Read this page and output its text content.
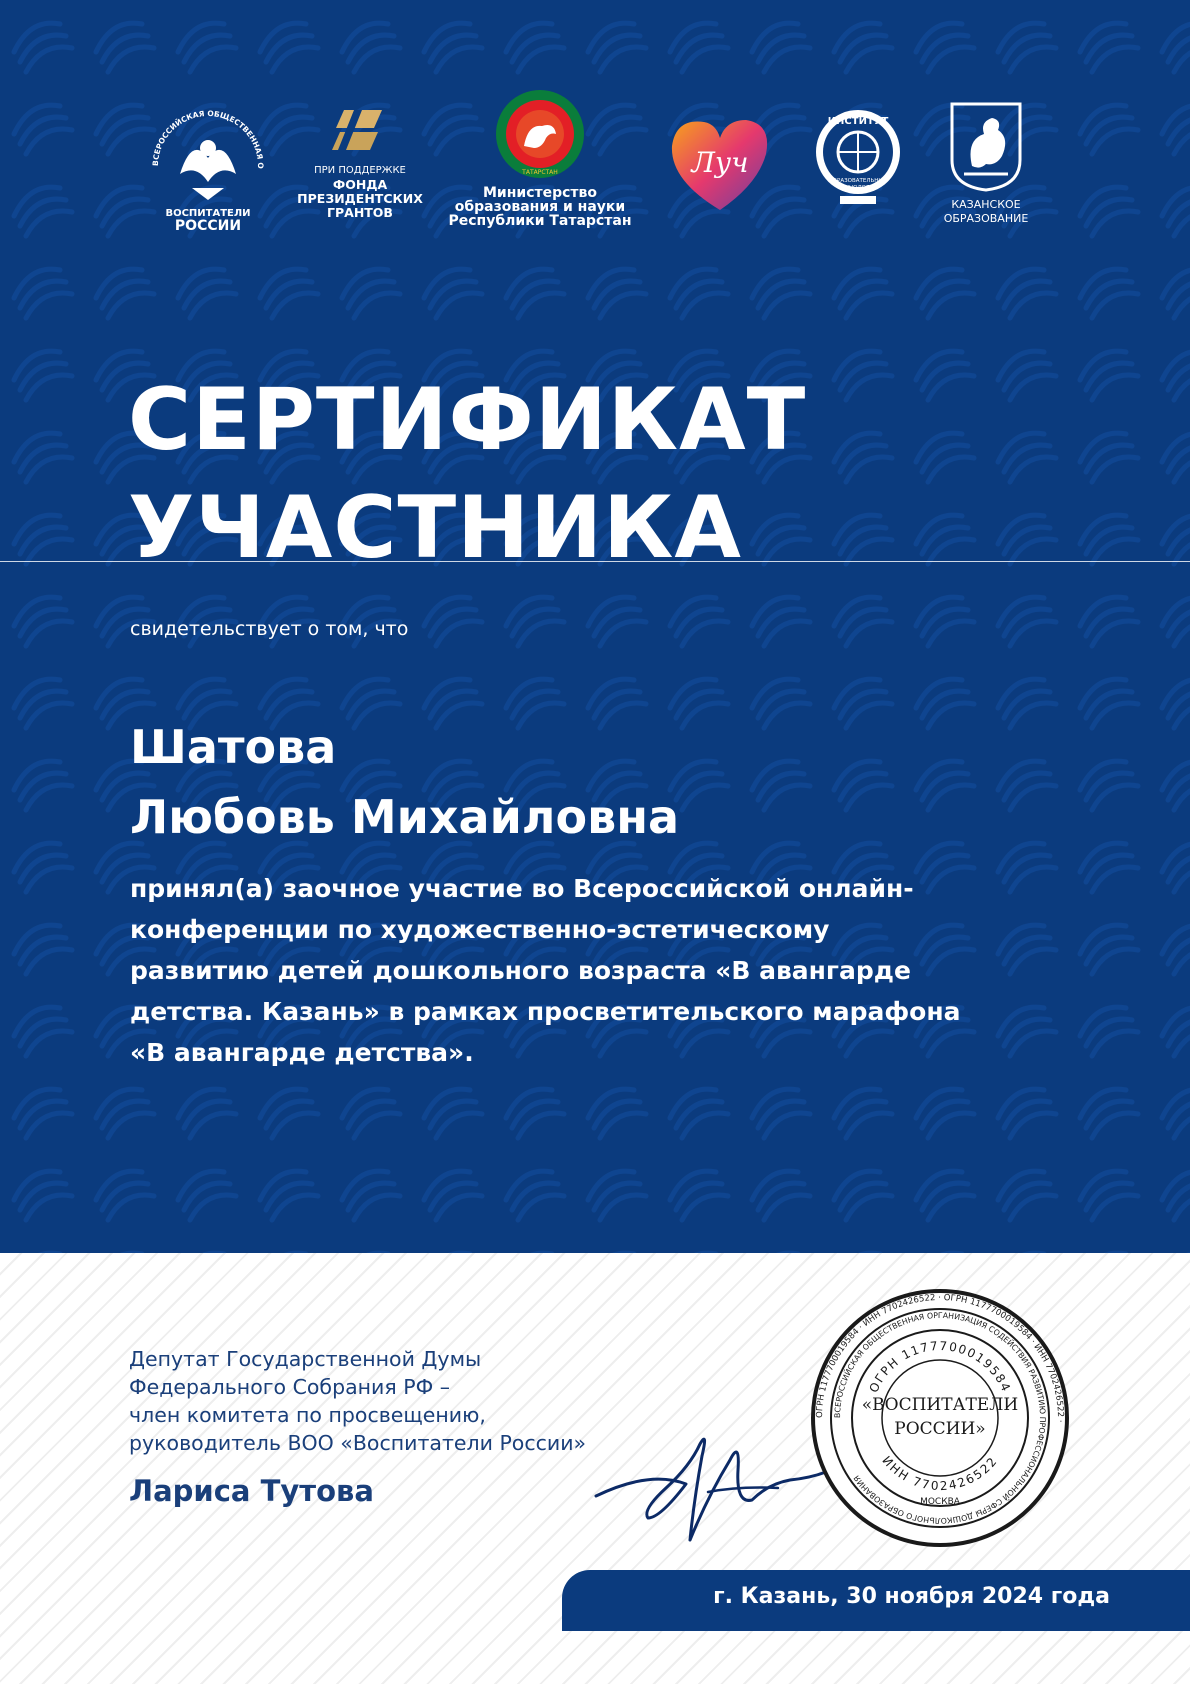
ВСЕРОССИЙСКАЯ ОБЩЕСТВЕННАЯ О
ВОСПИТАТЕЛИ
РОССИИ
ПРИ ПОДДЕРЖКЕ
ФОНДА
ПРЕЗИДЕНТСКИХ
ГРАНТОВ
ТАТАРСТАН
Министерство
образования и науки
Республики Татарстан
Луч
ИНСТИТУТ
ОБРАЗОВАТЕЛЬНЫХ
ТЕХНОЛОГИЙ
КАЗАНСКОЕ
ОБРАЗОВАНИЕ
СЕРТИФИКАТ
УЧАСТНИКА
свидетельствует о том, что
Шатова
Любовь Михайловна
принял(а) заочное участие во Всероссийской онлайн-
конференции по художественно-эстетическому
развитию детей дошкольного возраста «В авангарде
детства. Казань» в рамках просветительского марафона
«В авангарде детства».
Депутат Государственной Думы
Федерального Собрания РФ –
член комитета по просвещению,
руководитель ВОО «Воспитатели России»
Лариса Тутова
ОГРН 1177700019584 · ИНН 7702426522 · ОГРН 1177700019584 · ИНН 7702426522 ·
ВСЕРОССИЙСКАЯ ОБЩЕСТВЕННАЯ ОРГАНИЗАЦИЯ СОДЕЙСТВИЯ РАЗВИТИЮ ПРОФЕССИОНАЛЬНОЙ СФЕРЫ ДОШКОЛЬНОГО ОБРАЗОВАНИЯ
ОГРН 1177700019584
ИНН 7702426522
«ВОСПИТАТЕЛИ
РОССИИ»
МОСКВА
г. Казань, 30 ноября 2024 года
